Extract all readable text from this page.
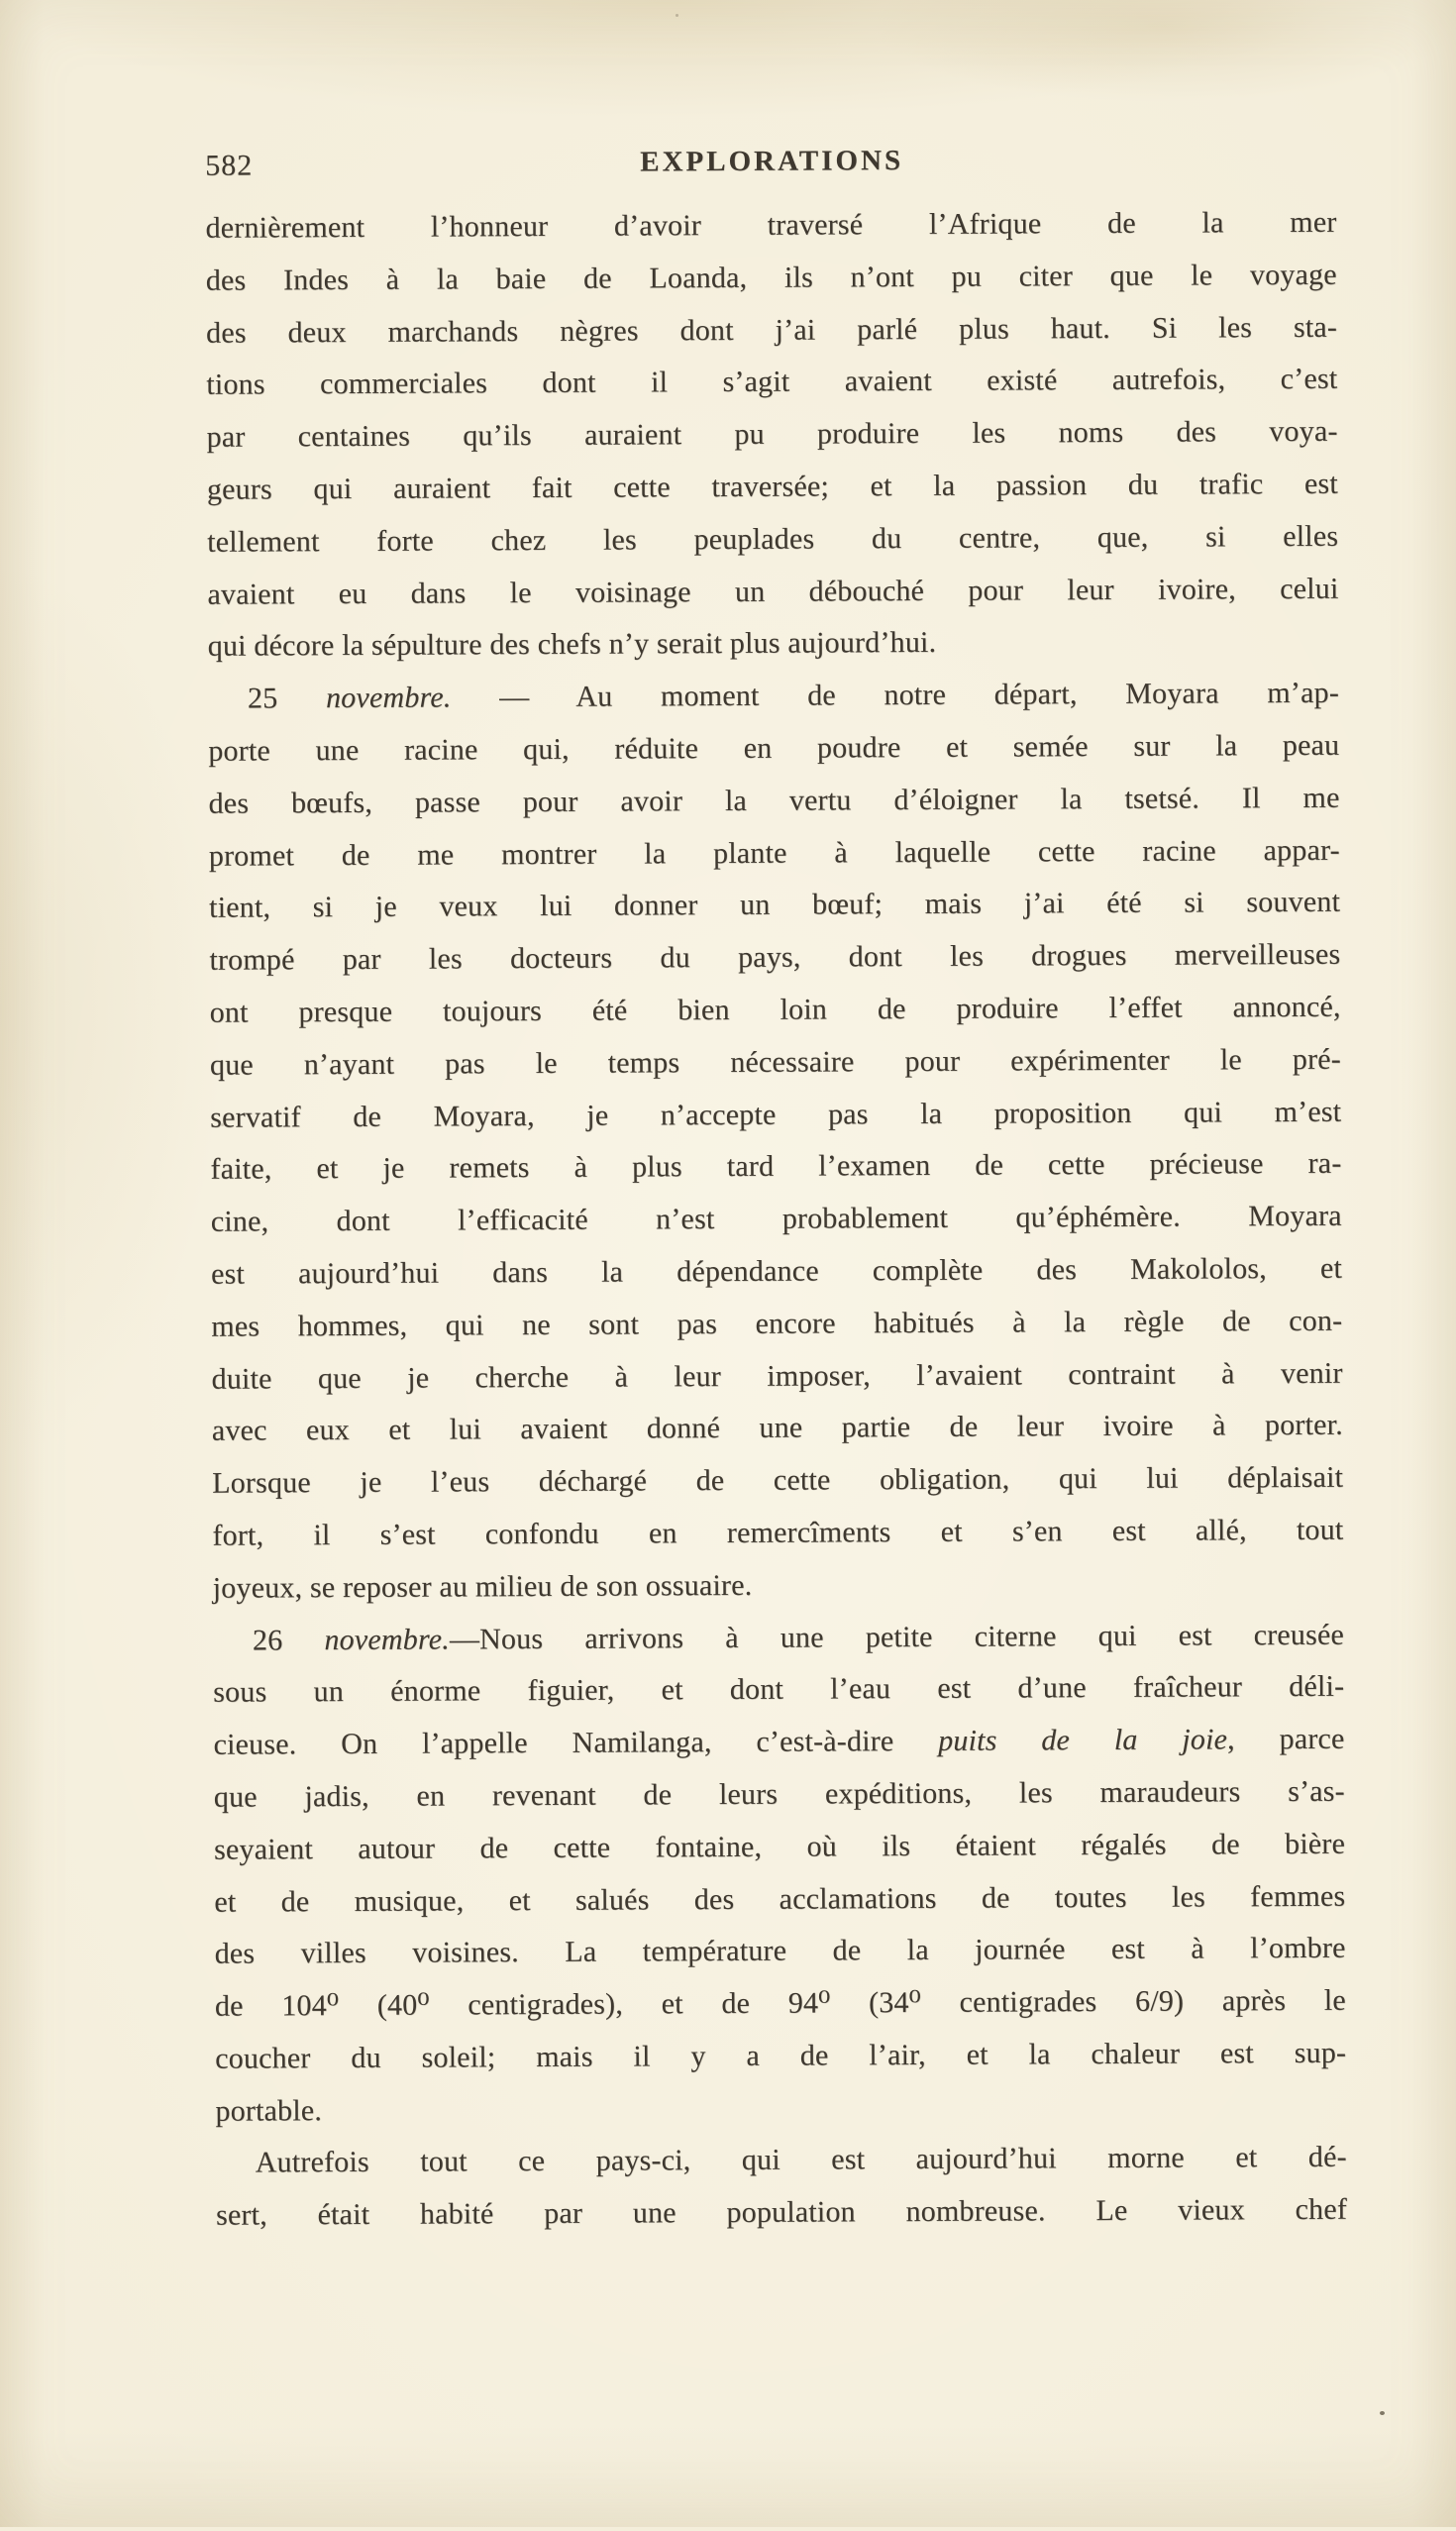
582	EXPLORATIONS
dernièrement l’honneur d’avoir traversé l’Afrique de la mer
des Indes à la baie de Loanda, ils n’ont pu citer que le voyage
des deux marchands nègres dont j’ai parlé plus haut. Si les sta-
tions commerciales dont il s’agit avaient existé autrefois, c’est
par centaines qu’ils auraient pu produire les noms des voya-
geurs qui auraient fait cette traversée; et la passion du trafic est
tellement forte chez les peuplades du centre, que, si elles
avaient eu dans le voisinage un débouché pour leur ivoire, celui
qui décore la sépulture des chefs n’y serait plus aujourd’hui.
25 novembre. — Au moment de notre départ, Moyara m’ap-
porte une racine qui, réduite en poudre et semée sur la peau
des bœufs, passe pour avoir la vertu d’éloigner la tsetsé. Il me
promet de me montrer la plante à laquelle cette racine appar-
tient, si je veux lui donner un bœuf; mais j’ai été si souvent
trompé par les docteurs du pays, dont les drogues merveilleuses
ont presque toujours été bien loin de produire l’effet annoncé,
que n’ayant pas le temps nécessaire pour expérimenter le pré-
servatif de Moyara, je n’accepte pas la proposition qui m’est
faite, et je remets à plus tard l’examen de cette précieuse ra-
cine, dont l’efficacité n’est probablement qu’éphémère. Moyara
est aujourd’hui dans la dépendance complète des Makololos, et
mes hommes, qui ne sont pas encore habitués à la règle de con-
duite que je cherche à leur imposer, l’avaient contraint à venir
avec eux et lui avaient donné une partie de leur ivoire à porter.
Lorsque je l’eus déchargé de cette obligation, qui lui déplaisait
fort, il s’est confondu en remercîments et s’en est allé, tout
joyeux, se reposer au milieu de son ossuaire.
26 novembre.—Nous arrivons à une petite citerne qui est creusée
sous un énorme figuier, et dont l’eau est d’une fraîcheur déli-
cieuse. On l’appelle Namilanga, c’est-à-dire puits de la joie, parce
que jadis, en revenant de leurs expéditions, les maraudeurs s’as-
seyaient autour de cette fontaine, où ils étaient régalés de bière
et de musique, et salués des acclamations de toutes les femmes
des villes voisines. La température de la journée est à l’ombre
de 104⁰ (40⁰ centigrades), et de 94⁰ (34⁰ centigrades 6/9) après le
coucher du soleil; mais il y a de l’air, et la chaleur est sup-
portable.
Autrefois tout ce pays-ci, qui est aujourd’hui morne et dé-
sert, était habité par une population nombreuse. Le vieux chef
